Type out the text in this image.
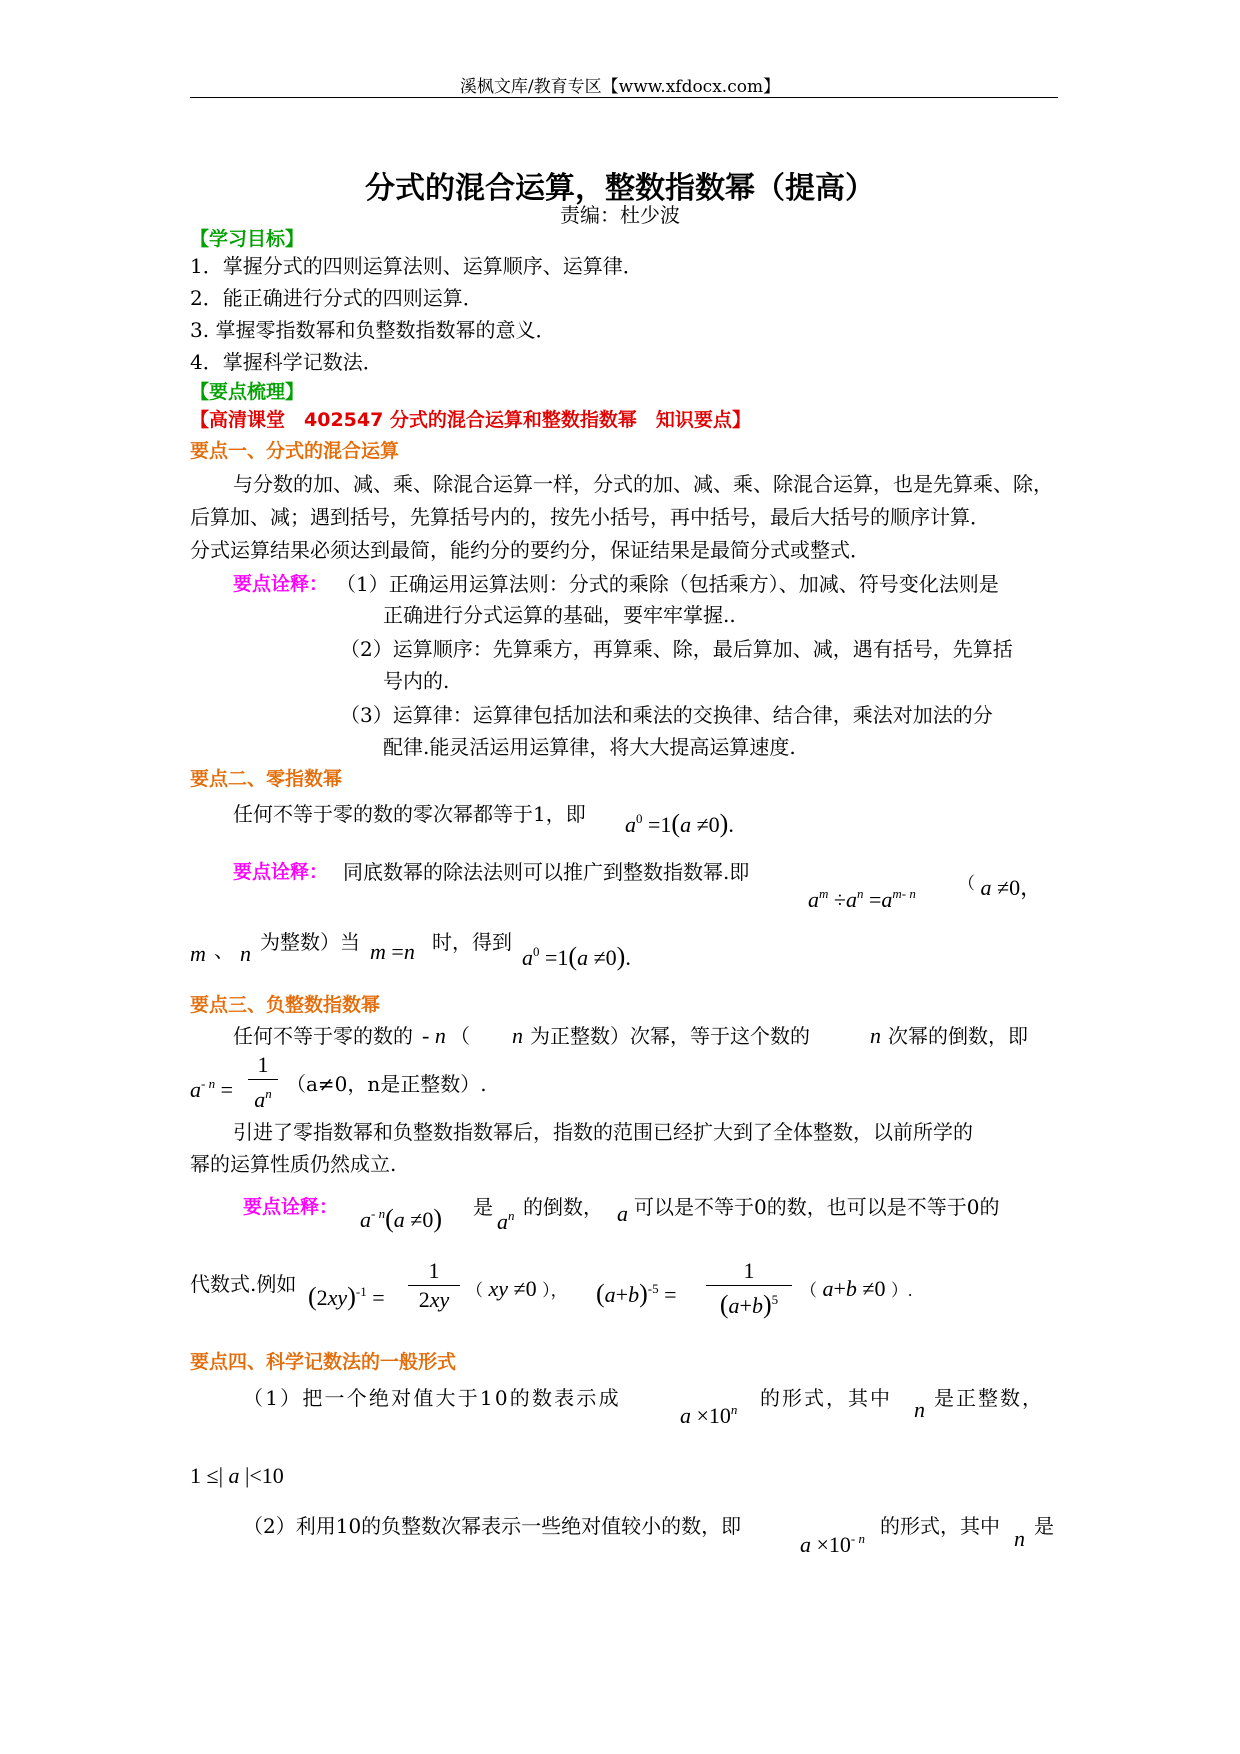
溪枫文库/教育专区【www.xfdocx.com】
分式的混合运算，整数指数幂（提高）
责编：杜少波
【学习目标】
1．掌握分式的四则运算法则、运算顺序、运算律．
2．能正确进行分式的四则运算．
3. 掌握零指数幂和负整数指数幂的意义．
4．掌握科学记数法．
【要点梳理】
【高清课堂　402547 分式的混合运算和整数指数幂　知识要点】
要点一、分式的混合运算
与分数的加、减、乘、除混合运算一样，分式的加、减、乘、除混合运算，也是先算乘、除，
后算加、减；遇到括号，先算括号内的，按先小括号，再中括号，最后大括号的顺序计算．
分式运算结果必须达到最简，能约分的要约分，保证结果是最简分式或整式．
要点诠释： （1）正确运用运算法则：分式的乘除（包括乘方）、加减、符号变化法则是
正确进行分式运算的基础，要牢牢掌握..
（2）运算顺序：先算乘方，再算乘、除，最后算加、减，遇有括号，先算括
号内的.
（3）运算律：运算律包括加法和乘法的交换律、结合律，乘法对加法的分
配律.能灵活运用运算律，将大大提高运算速度.
要点二、零指数幂
任何不等于零的数的零次幂都等于1，即 $a^0 =1(a \ne 0)$.
要点诠释： 同底数幂的除法法则可以推广到整数指数幂.即
$a^m \div a^n =a^{m- n}$
（ a ≠0，
m 、 n 为整数）当 m =n 时，得到
$a^0 =1(a \ne 0)$.
要点三、负整数指数幂
任何不等于零的数的 - n （ n 为正整数）次幂，等于这个数的	n 次幂的倒数，即
$a^{- n}$ =
1
$a^n$ （a≠0，n是正整数）.
引进了零指数幂和负整数指数幂后，指数的范围已经扩大到了全体整数，以前所学的
幂的运算性质仍然成立.
要点诠释： $a^{- n}(a \ne 0)$ 是
$a^n$ 的倒数， a 可以是不等于0的数，也可以是不等于0的
代数式.例如 $(2xy)^{-1}$ =
1
2xy （ xy ≠0 ）， $(a+b)^{-5}$ =
1
$(a+b)^5$	（ a+b ≠0 ）.
要点四、科学记数法的一般形式
（1）把一个绝对值大于10的数表示成
$a \times 10^n$ 的形式，其中 n 是正整数，
1 ≤| a |<10
（2）利用10的负整数次幂表示一些绝对值较小的数，即
$a \times 10^{- n}$
的形式，其中 n 是
